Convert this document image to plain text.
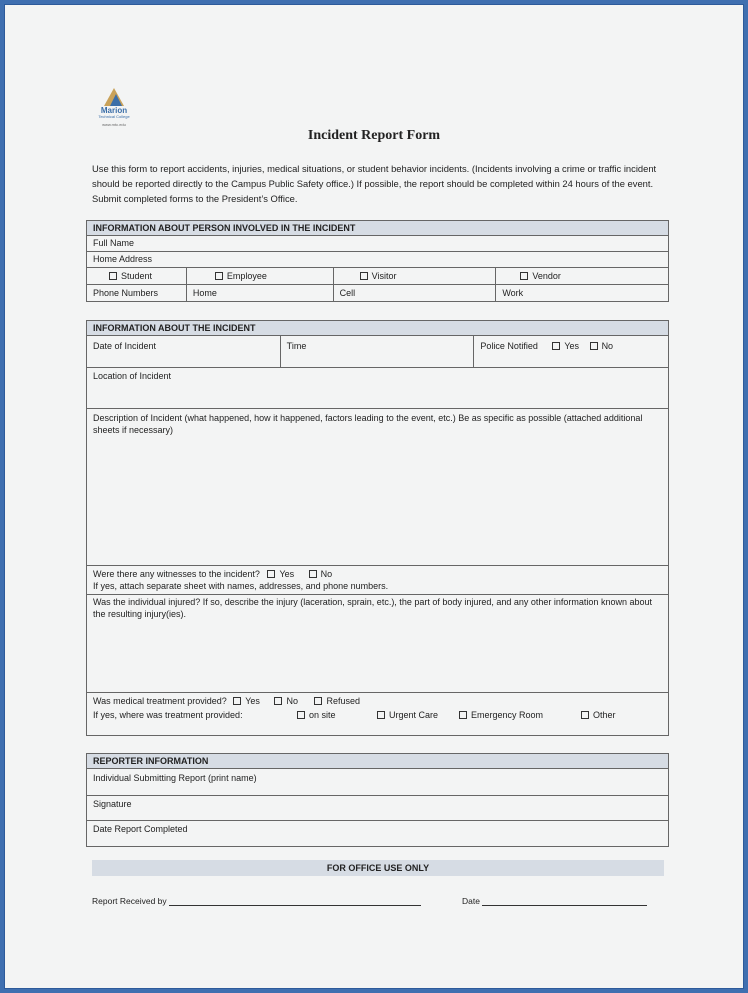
Marion
Technical College
www.mtc.edu
Incident Report Form
Use this form to report accidents, injuries, medical situations, or student behavior incidents. (Incidents involving a crime or traffic incident should be reported directly to the Campus Public Safety office.) If possible, the report should be completed within 24 hours of the event. Submit completed forms to the President’s Office.
INFORMATION ABOUT PERSON INVOLVED IN THE INCIDENT			
Full Name			
Home Address			
Student	Employee	Visitor	Vendor
Phone Numbers	Home	Cell	Work
INFORMATION ABOUT THE INCIDENT
Date of Incident	Time	Police Notified	Yes	No
Location of Incident
Description of Incident (what happened, how it happened, factors leading to the event, etc.) Be as specific as possible (attached additional sheets if necessary)
Were there any witnesses to the incident? Yes	No
If yes, attach separate sheet with names, addresses, and phone numbers.
Was the individual injured? If so, describe the injury (laceration, sprain, etc.), the part of body injured, and any other information known about the resulting injury(ies).

Was medical treatment provided? Yes	No	Refused
If yes, where was treatment provided:	on site	Urgent Care	Emergency Room	Other
REPORTER INFORMATION
Individual Submitting Report (print name)
Signature
Date Report Completed
FOR OFFICE USE ONLY
Report Received by	Date
